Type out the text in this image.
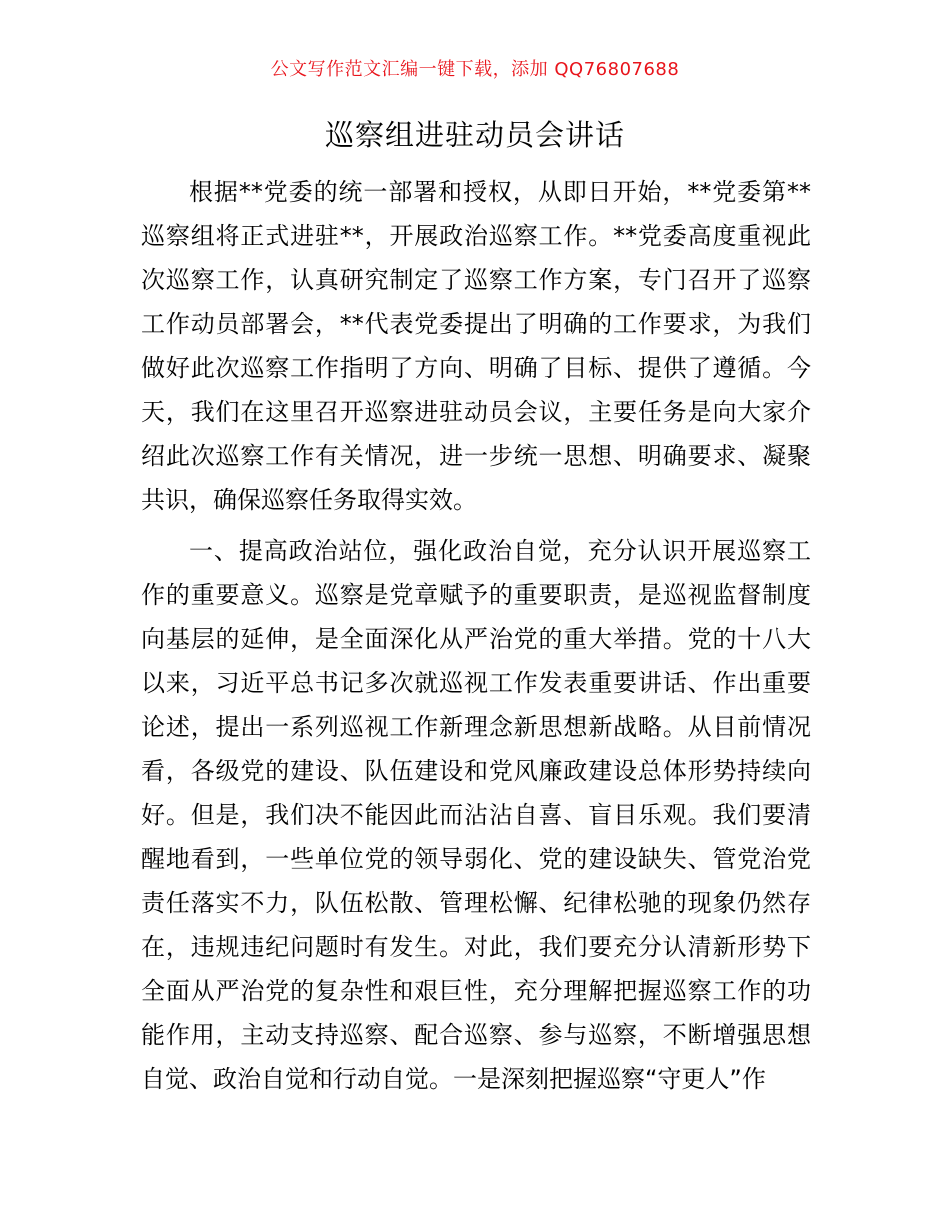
公文写作范文汇编一键下载，添加 QQ76807688
巡察组进驻动员会讲话

根据**党委的统一部署和授权，从即日开始，**党委第**巡察组将正式进驻**，开展政治巡察工作。**党委高度重视此次巡察工作，认真研究制定了巡察工作方案，专门召开了巡察工作动员部署会，**代表党委提出了明确的工作要求，为我们做好此次巡察工作指明了方向、明确了目标、提供了遵循。今天，我们在这里召开巡察进驻动员会议，主要任务是向大家介绍此次巡察工作有关情况，进一步统一思想、明确要求、凝聚共识，确保巡察任务取得实效。

一、提高政治站位，强化政治自觉，充分认识开展巡察工作的重要意义。巡察是党章赋予的重要职责，是巡视监督制度向基层的延伸，是全面深化从严治党的重大举措。党的十八大以来，习近平总书记多次就巡视工作发表重要讲话、作出重要论述，提出一系列巡视工作新理念新思想新战略。从目前情况看，各级党的建设、队伍建设和党风廉政建设总体形势持续向好。但是，我们决不能因此而沾沾自喜、盲目乐观。我们要清醒地看到，一些单位党的领导弱化、党的建设缺失、管党治党责任落实不力，队伍松散、管理松懈、纪律松驰的现象仍然存在，违规违纪问题时有发生。对此，我们要充分认清新形势下全面从严治党的复杂性和艰巨性，充分理解把握巡察工作的功能作用，主动支持巡察、配合巡察、参与巡察，不断增强思想自觉、政治自觉和行动自觉。一是深刻把握巡察“守更人”作
